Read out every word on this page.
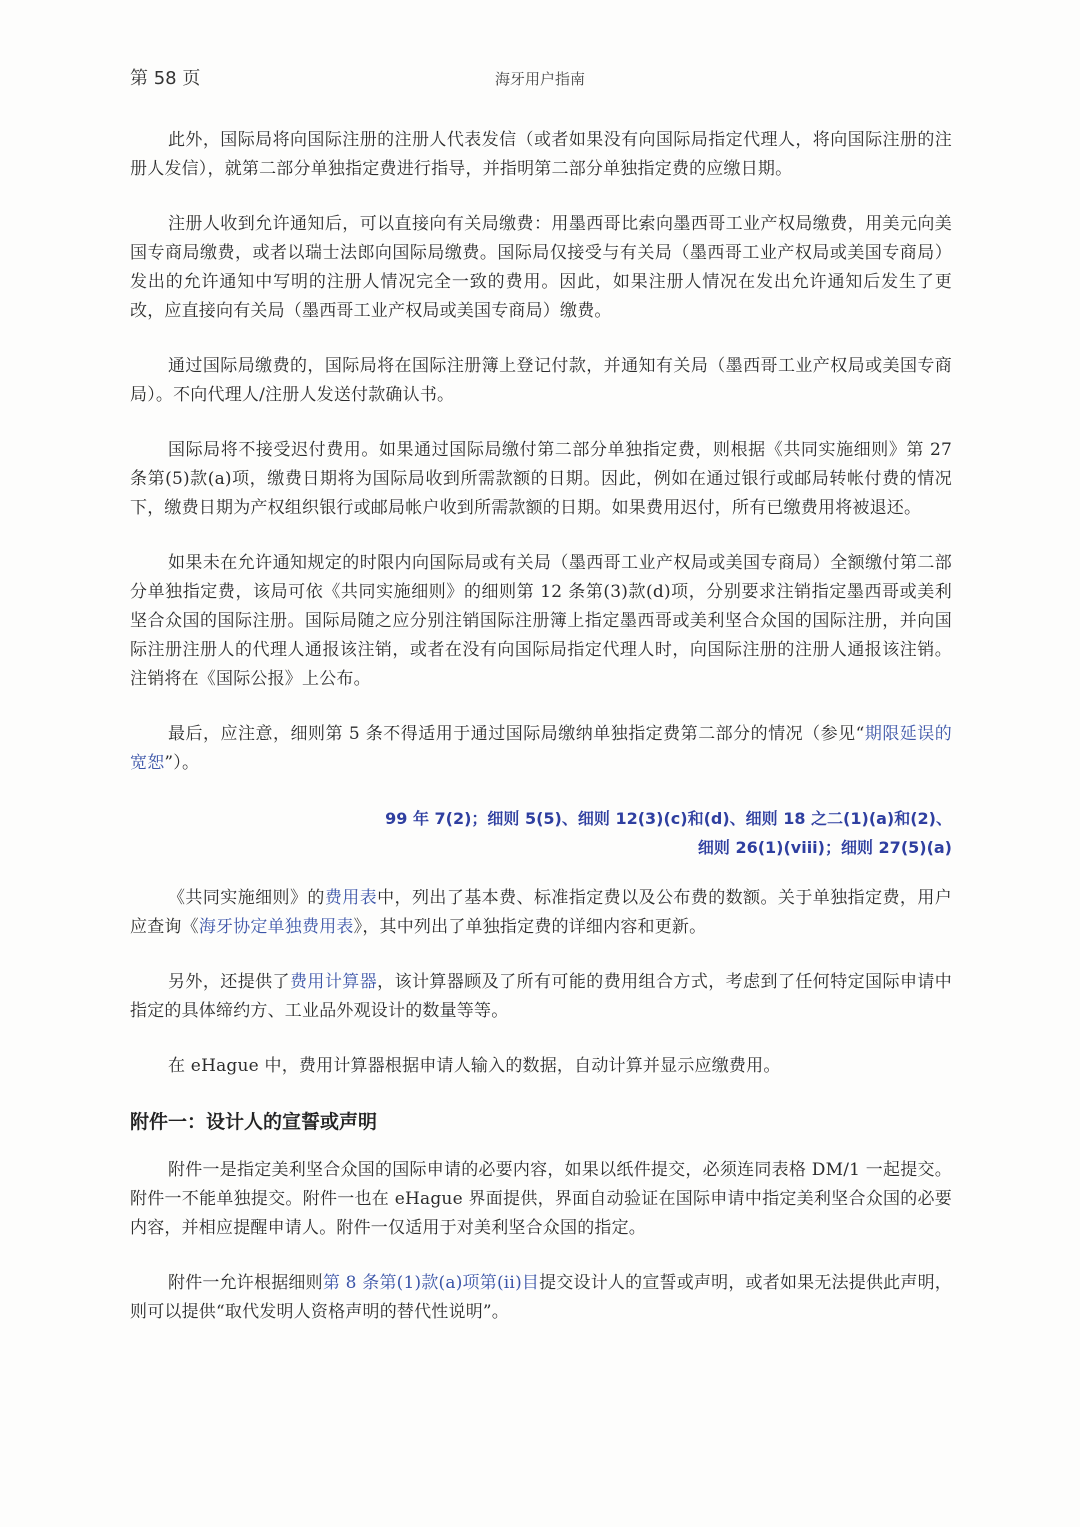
第 58 页	海牙用户指南

此外，国际局将向国际注册的注册人代表发信（或者如果没有向国际局指定代理人，将向国际注册的注册人发信），就第二部分单独指定费进行指导，并指明第二部分单独指定费的应缴日期。

注册人收到允许通知后，可以直接向有关局缴费：用墨西哥比索向墨西哥工业产权局缴费，用美元向美国专商局缴费，或者以瑞士法郎向国际局缴费。国际局仅接受与有关局（墨西哥工业产权局或美国专商局）发出的允许通知中写明的注册人情况完全一致的费用。因此，如果注册人情况在发出允许通知后发生了更改，应直接向有关局（墨西哥工业产权局或美国专商局）缴费。

通过国际局缴费的，国际局将在国际注册簿上登记付款，并通知有关局（墨西哥工业产权局或美国专商局）。不向代理人/注册人发送付款确认书。

国际局将不接受迟付费用。如果通过国际局缴付第二部分单独指定费，则根据《共同实施细则》第 27 条第(5)款(a)项，缴费日期将为国际局收到所需款额的日期。因此，例如在通过银行或邮局转帐付费的情况下，缴费日期为产权组织银行或邮局帐户收到所需款额的日期。如果费用迟付，所有已缴费用将被退还。

如果未在允许通知规定的时限内向国际局或有关局（墨西哥工业产权局或美国专商局）全额缴付第二部分单独指定费，该局可依《共同实施细则》的细则第 12 条第(3)款(d)项，分别要求注销指定墨西哥或美利坚合众国的国际注册。国际局随之应分别注销国际注册簿上指定墨西哥或美利坚合众国的国际注册，并向国际注册注册人的代理人通报该注销，或者在没有向国际局指定代理人时，向国际注册的注册人通报该注销。注销将在《国际公报》上公布。

最后，应注意，细则第 5 条不得适用于通过国际局缴纳单独指定费第二部分的情况（参见“期限延误的宽恕”）。

99 年 7(2)；细则 5(5)、细则 12(3)(c)和(d)、细则 18 之二(1)(a)和(2)、
细则 26(1)(viii)；细则 27(5)(a)

《共同实施细则》的费用表中，列出了基本费、标准指定费以及公布费的数额。关于单独指定费，用户应查询《海牙协定单独费用表》，其中列出了单独指定费的详细内容和更新。

另外，还提供了费用计算器，该计算器顾及了所有可能的费用组合方式，考虑到了任何特定国际申请中指定的具体缔约方、工业品外观设计的数量等等。

在 eHague 中，费用计算器根据申请人输入的数据，自动计算并显示应缴费用。

附件一：设计人的宣誓或声明

附件一是指定美利坚合众国的国际申请的必要内容，如果以纸件提交，必须连同表格 DM/1 一起提交。附件一不能单独提交。附件一也在 eHague 界面提供，界面自动验证在国际申请中指定美利坚合众国的必要内容，并相应提醒申请人。附件一仅适用于对美利坚合众国的指定。

附件一允许根据细则第 8 条第(1)款(a)项第(ii)目提交设计人的宣誓或声明，或者如果无法提供此声明，则可以提供“取代发明人资格声明的替代性说明”。
